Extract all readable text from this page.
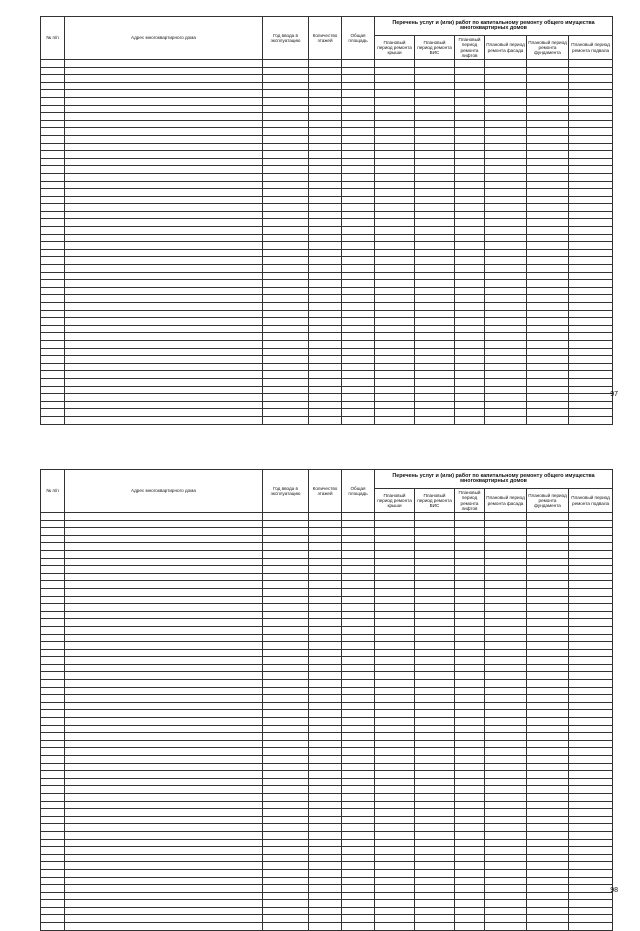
№ п/п	Адрес многоквартирного дома	Год ввода в эксплуатацию	Количество этажей	Общая площадь	Перечень услуг и (или) работ по капитальному ремонту общего имущества многоквартирных домов					
					Плановый период ремонта крыши	Плановый период ремонта ВИС	Плановый период ремонта лифтов	Плановый период ремонта фасада	Плановый период ремонта фундамента	Плановый период ремонта подвала

97
№ п/п	Адрес многоквартирного дома	Год ввода в эксплуатацию	Количество этажей	Общая площадь	Перечень услуг и (или) работ по капитальному ремонту общего имущества многоквартирных домов					
					Плановый период ремонта крыши	Плановый период ремонта ВИС	Плановый период ремонта лифтов	Плановый период ремонта фасада	Плановый период ремонта фундамента	Плановый период ремонта подвала

98
